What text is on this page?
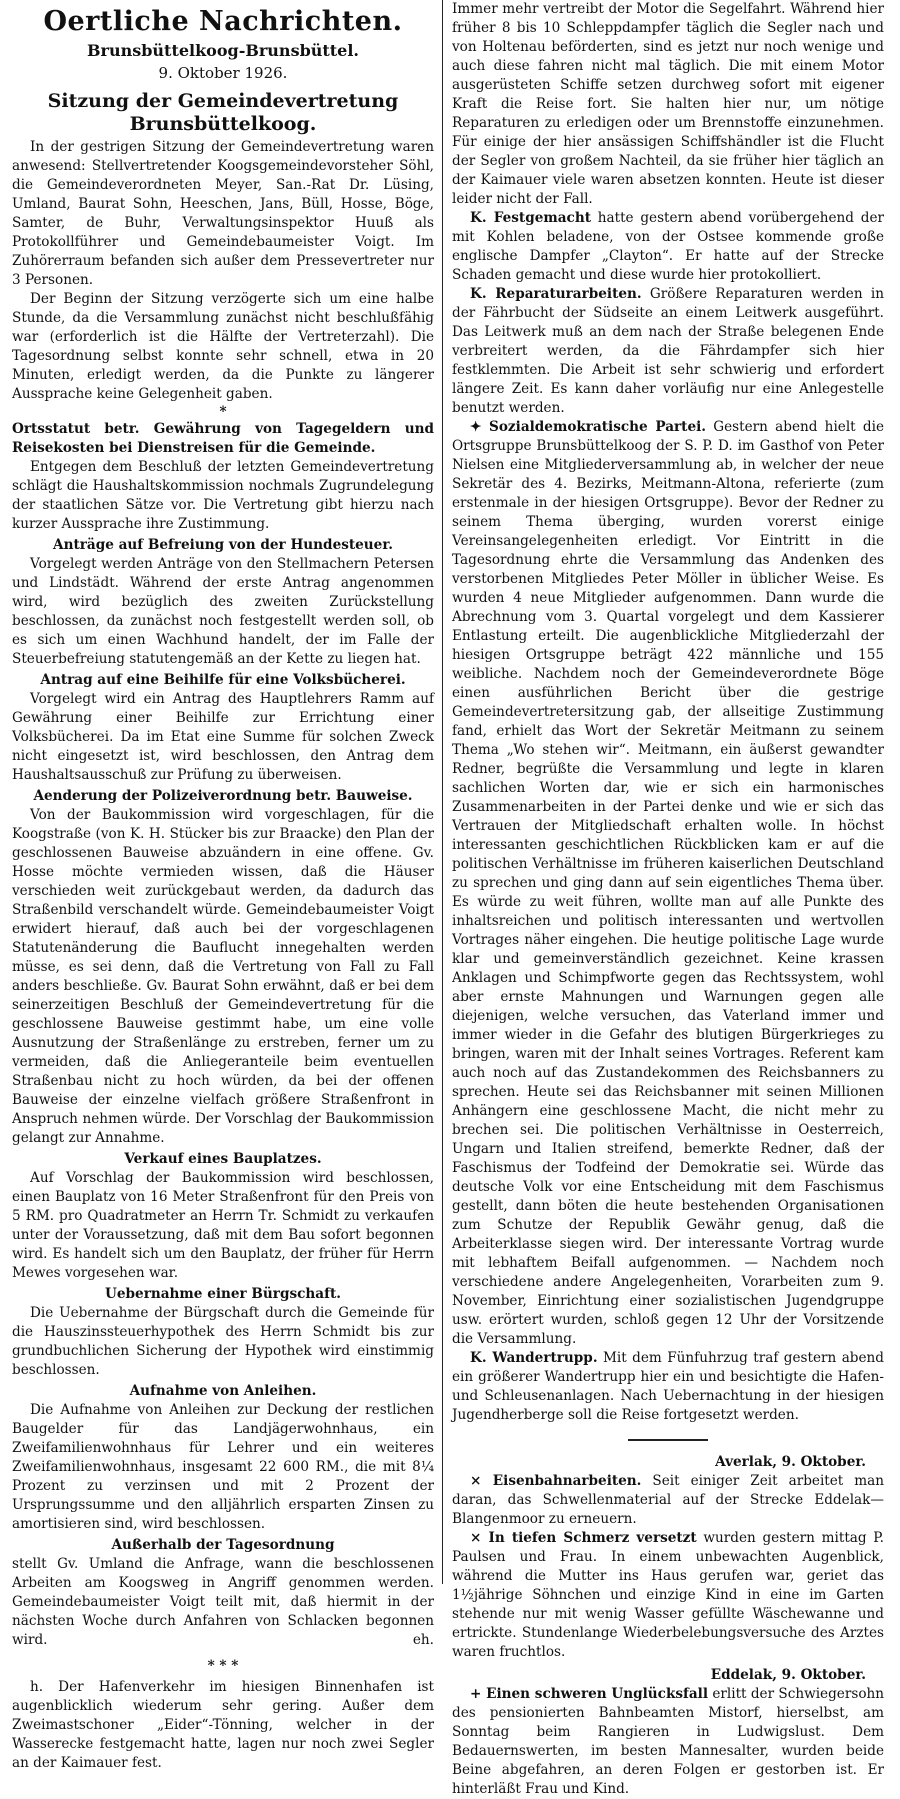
Oertliche Nachrichten.
Brunsbüttelkoog-Brunsbüttel.
9. Oktober 1926.
Sitzung der Gemeindevertretung Brunsbüttelkoog.

In der gestrigen Sitzung der Gemeindevertretung waren anwesend: Stellvertretender Koogsgemeindevorsteher Söhl, die Gemeindeverordneten Meyer, San.-Rat Dr. Lüsing, Umland, Baurat Sohn, Heeschen, Jans, Büll, Hosse, Böge, Samter, de Buhr, Verwaltungsinspektor Huuß als Protokollführer und Gemeindebaumeister Voigt. Im Zuhörerraum befanden sich außer dem Pressevertreter nur 3 Personen.

Der Beginn der Sitzung verzögerte sich um eine halbe Stunde, da die Versammlung zunächst nicht beschlußfähig war (erforderlich ist die Hälfte der Vertreterzahl). Die Tagesordnung selbst konnte sehr schnell, etwa in 20 Minuten, erledigt werden, da die Punkte zu längerer Aussprache keine Gelegenheit gaben.

*
Ortsstatut betr. Gewährung von Tagegeldern und Reisekosten bei Dienstreisen für die Gemeinde.

Entgegen dem Beschluß der letzten Gemeindevertretung schlägt die Haushaltskommission nochmals Zugrundelegung der staatlichen Sätze vor. Die Vertretung gibt hierzu nach kurzer Aussprache ihre Zustimmung.

Anträge auf Befreiung von der Hundesteuer.

Vorgelegt werden Anträge von den Stellmachern Petersen und Lindstädt. Während der erste Antrag angenommen wird, wird bezüglich des zweiten Zurückstellung beschlossen, da zunächst noch festgestellt werden soll, ob es sich um einen Wachhund handelt, der im Falle der Steuerbefreiung statutengemäß an der Kette zu liegen hat.

Antrag auf eine Beihilfe für eine Volksbücherei.

Vorgelegt wird ein Antrag des Hauptlehrers Ramm auf Gewährung einer Beihilfe zur Errichtung einer Volksbücherei. Da im Etat eine Summe für solchen Zweck nicht eingesetzt ist, wird beschlossen, den Antrag dem Haushaltsausschuß zur Prüfung zu überweisen.

Aenderung der Polizeiverordnung betr. Bauweise.

Von der Baukommission wird vorgeschlagen, für die Koogstraße (von K. H. Stücker bis zur Braacke) den Plan der geschlossenen Bauweise abzuändern in eine offene. Gv. Hosse möchte vermieden wissen, daß die Häuser verschieden weit zurückgebaut werden, da dadurch das Straßenbild verschandelt würde. Gemeindebaumeister Voigt erwidert hierauf, daß auch bei der vorgeschlagenen Statutenänderung die Bauflucht innegehalten werden müsse, es sei denn, daß die Vertretung von Fall zu Fall anders beschließe. Gv. Baurat Sohn erwähnt, daß er bei dem seinerzeitigen Beschluß der Gemeindevertretung für die geschlossene Bauweise gestimmt habe, um eine volle Ausnutzung der Straßenlänge zu erstreben, ferner um zu vermeiden, daß die Anliegeranteile beim eventuellen Straßenbau nicht zu hoch würden, da bei der offenen Bauweise der einzelne vielfach größere Straßenfront in Anspruch nehmen würde. Der Vorschlag der Baukommission gelangt zur Annahme.

Verkauf eines Bauplatzes.

Auf Vorschlag der Baukommission wird beschlossen, einen Bauplatz von 16 Meter Straßenfront für den Preis von 5 RM. pro Quadratmeter an Herrn Tr. Schmidt zu verkaufen unter der Voraussetzung, daß mit dem Bau sofort begonnen wird. Es handelt sich um den Bauplatz, der früher für Herrn Mewes vorgesehen war.

Uebernahme einer Bürgschaft.

Die Uebernahme der Bürgschaft durch die Gemeinde für die Hauszinssteuerhypothek des Herrn Schmidt bis zur grundbuchlichen Sicherung der Hypothek wird einstimmig beschlossen.

Aufnahme von Anleihen.

Die Aufnahme von Anleihen zur Deckung der restlichen Baugelder für das Landjägerwohnhaus, ein Zweifamilienwohnhaus für Lehrer und ein weiteres Zweifamilienwohnhaus, insgesamt 22 600 RM., die mit 8¼ Prozent zu verzinsen und mit 2 Prozent der Ursprungssumme und den alljährlich ersparten Zinsen zu amortisieren sind, wird beschlossen.

Außerhalb der Tagesordnung

stellt Gv. Umland die Anfrage, wann die beschlossenen Arbeiten am Koogsweg in Angriff genommen werden. Gemeindebaumeister Voigt teilt mit, daß hiermit in der nächsten Woche durch Anfahren von Schlacken begonnen wird.	eh.

* * *

h. Der Hafenverkehr im hiesigen Binnenhafen ist augenblicklich wiederum sehr gering. Außer dem Zweimastschoner „Eider“-Tönning, welcher in der Wasserecke festgemacht hatte, lagen nur noch zwei Segler an der Kaimauer fest.

Immer mehr vertreibt der Motor die Segelfahrt. Während hier früher 8 bis 10 Schleppdampfer täglich die Segler nach und von Holtenau beförderten, sind es jetzt nur noch wenige und auch diese fahren nicht mal täglich. Die mit einem Motor ausgerüsteten Schiffe setzen durchweg sofort mit eigener Kraft die Reise fort. Sie halten hier nur, um nötige Reparaturen zu erledigen oder um Brennstoffe einzunehmen. Für einige der hier ansässigen Schiffshändler ist die Flucht der Segler von großem Nachteil, da sie früher hier täglich an der Kaimauer viele waren absetzen konnten. Heute ist dieser leider nicht der Fall.

K. Festgemacht hatte gestern abend vorübergehend der mit Kohlen beladene, von der Ostsee kommende große englische Dampfer „Clayton“. Er hatte auf der Strecke Schaden gemacht und diese wurde hier protokolliert.

K. Reparaturarbeiten. Größere Reparaturen werden in der Fährbucht der Südseite an einem Leitwerk ausgeführt. Das Leitwerk muß an dem nach der Straße belegenen Ende verbreitert werden, da die Fährdampfer sich hier festklemmten. Die Arbeit ist sehr schwierig und erfordert längere Zeit. Es kann daher vorläufig nur eine Anlegestelle benutzt werden.

✦ Sozialdemokratische Partei. Gestern abend hielt die Ortsgruppe Brunsbüttelkoog der S. P. D. im Gasthof von Peter Nielsen eine Mitgliederversammlung ab, in welcher der neue Sekretär des 4. Bezirks, Meitmann-Altona, referierte (zum erstenmale in der hiesigen Ortsgruppe). Bevor der Redner zu seinem Thema überging, wurden vorerst einige Vereinsangelegenheiten erledigt. Vor Eintritt in die Tagesordnung ehrte die Versammlung das Andenken des verstorbenen Mitgliedes Peter Möller in üblicher Weise. Es wurden 4 neue Mitglieder aufgenommen. Dann wurde die Abrechnung vom 3. Quartal vorgelegt und dem Kassierer Entlastung erteilt. Die augenblickliche Mitgliederzahl der hiesigen Ortsgruppe beträgt 422 männliche und 155 weibliche. Nachdem noch der Gemeindeverordnete Böge einen ausführlichen Bericht über die gestrige Gemeindevertretersitzung gab, der allseitige Zustimmung fand, erhielt das Wort der Sekretär Meitmann zu seinem Thema „Wo stehen wir“. Meitmann, ein äußerst gewandter Redner, begrüßte die Versammlung und legte in klaren sachlichen Worten dar, wie er sich ein harmonisches Zusammenarbeiten in der Partei denke und wie er sich das Vertrauen der Mitgliedschaft erhalten wolle. In höchst interessanten geschichtlichen Rückblicken kam er auf die politischen Verhältnisse im früheren kaiserlichen Deutschland zu sprechen und ging dann auf sein eigentliches Thema über. Es würde zu weit führen, wollte man auf alle Punkte des inhaltsreichen und politisch interessanten und wertvollen Vortrages näher eingehen. Die heutige politische Lage wurde klar und gemeinverständlich gezeichnet. Keine krassen Anklagen und Schimpfworte gegen das Rechtssystem, wohl aber ernste Mahnungen und Warnungen gegen alle diejenigen, welche versuchen, das Vaterland immer und immer wieder in die Gefahr des blutigen Bürgerkrieges zu bringen, waren mit der Inhalt seines Vortrages. Referent kam auch noch auf das Zustandekommen des Reichsbanners zu sprechen. Heute sei das Reichsbanner mit seinen Millionen Anhängern eine geschlossene Macht, die nicht mehr zu brechen sei. Die politischen Verhältnisse in Oesterreich, Ungarn und Italien streifend, bemerkte Redner, daß der Faschismus der Todfeind der Demokratie sei. Würde das deutsche Volk vor eine Entscheidung mit dem Faschismus gestellt, dann böten die heute bestehenden Organisationen zum Schutze der Republik Gewähr genug, daß die Arbeiterklasse siegen wird. Der interessante Vortrag wurde mit lebhaftem Beifall aufgenommen. — Nachdem noch verschiedene andere Angelegenheiten, Vorarbeiten zum 9. November, Einrichtung einer sozialistischen Jugendgruppe usw. erörtert wurden, schloß gegen 12 Uhr der Vorsitzende die Versammlung.

K. Wandertrupp. Mit dem Fünfuhrzug traf gestern abend ein größerer Wandertrupp hier ein und besichtigte die Hafen- und Schleusenanlagen. Nach Uebernachtung in der hiesigen Jugendherberge soll die Reise fortgesetzt werden.

Averlak, 9. Oktober.

× Eisenbahnarbeiten. Seit einiger Zeit arbeitet man daran, das Schwellenmaterial auf der Strecke Eddelak—Blangenmoor zu erneuern.

× In tiefen Schmerz versetzt wurden gestern mittag P. Paulsen und Frau. In einem unbewachten Augenblick, während die Mutter ins Haus gerufen war, geriet das 1½jährige Söhnchen und einzige Kind in eine im Garten stehende nur mit wenig Wasser gefüllte Wäschewanne und ertrickte. Stundenlange Wiederbelebungsversuche des Arztes waren fruchtlos.

Eddelak, 9. Oktober.

+ Einen schweren Unglücksfall erlitt der Schwiegersohn des pensionierten Bahnbeamten Mistorf, hierselbst, am Sonntag beim Rangieren in Ludwigslust. Dem Bedauernswerten, im besten Mannesalter, wurden beide Beine abgefahren, an deren Folgen er gestorben ist. Er hinterläßt Frau und Kind.
